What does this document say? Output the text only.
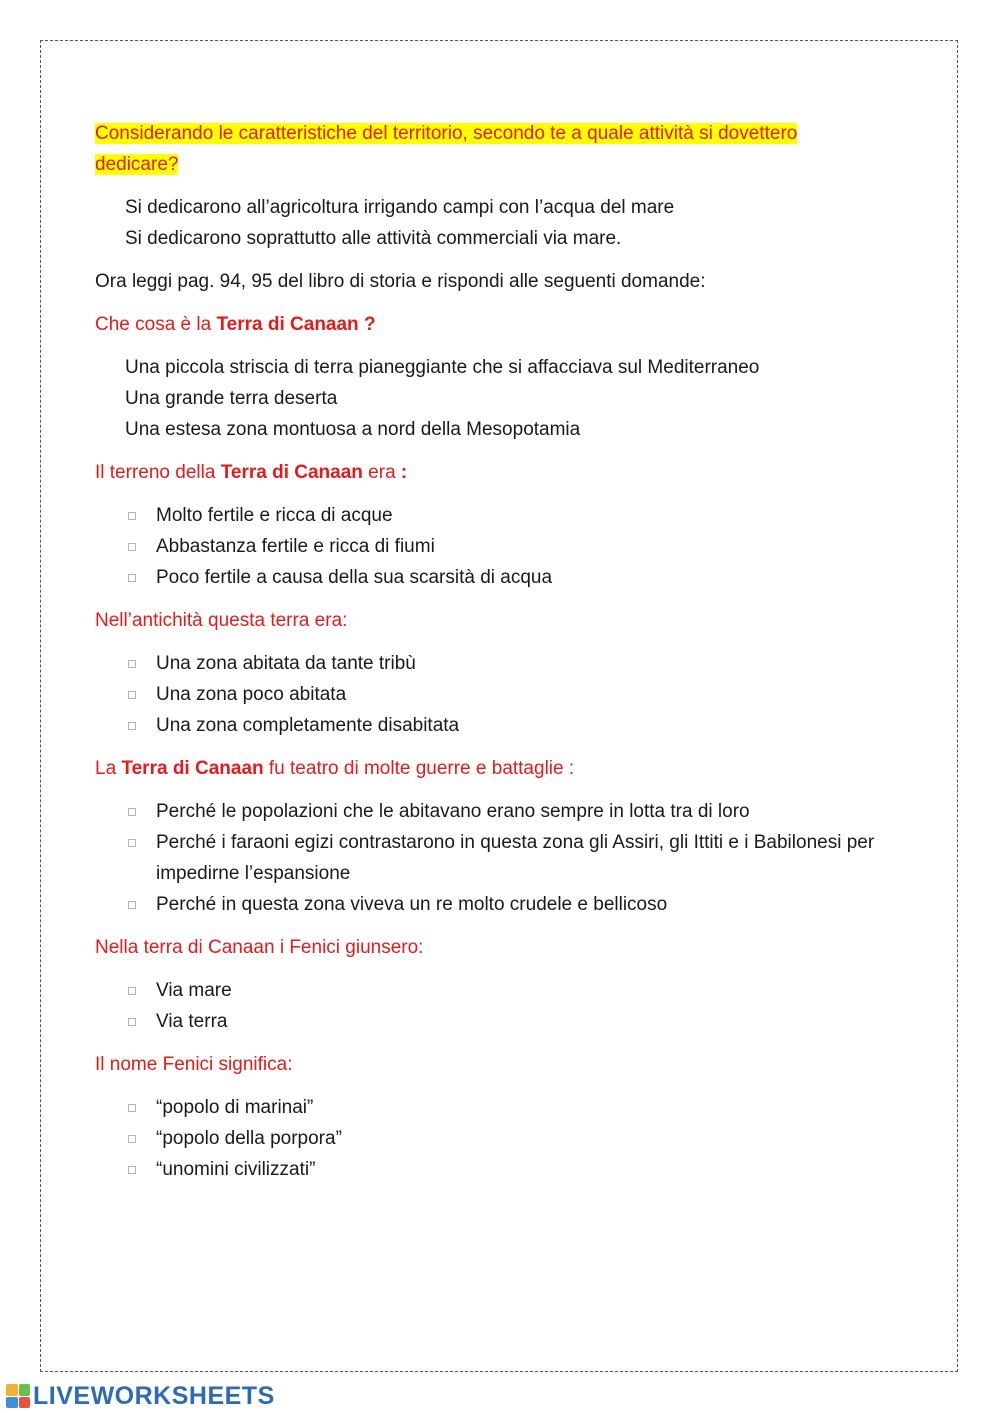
Considerando le caratteristiche del territorio, secondo te a quale attività si dovettero dedicare?
Si dedicarono all’agricoltura irrigando campi con l’acqua del mare
Si dedicarono soprattutto alle attività commerciali via mare.
Ora leggi pag. 94, 95 del libro di storia e rispondi alle seguenti domande:
Che cosa è la Terra di Canaan ?
Una piccola striscia di terra pianeggiante che si affacciava sul Mediterraneo
Una grande terra deserta
Una estesa zona montuosa a nord della Mesopotamia
Il terreno della Terra di Canaan era :
Molto fertile e ricca di acque
Abbastanza fertile e ricca di fiumi
Poco fertile a causa della sua scarsità di acqua
Nell’antichità questa terra era:
Una zona abitata da tante tribù
Una zona poco abitata
Una zona completamente disabitata
La Terra di Canaan fu teatro di molte guerre e battaglie :
Perché le popolazioni che le abitavano erano sempre in lotta tra di loro
Perché i faraoni egizi contrastarono in questa zona gli Assiri, gli Ittiti e i Babilonesi per impedirne l’espansione
Perché in questa zona viveva un re molto crudele e bellicoso
Nella terra di Canaan i Fenici giunsero:
Via mare
Via terra
Il nome Fenici significa:
“popolo di marinai”
“popolo della porpora”
“unomini civilizzati”
LIVEWORKSHEETS
